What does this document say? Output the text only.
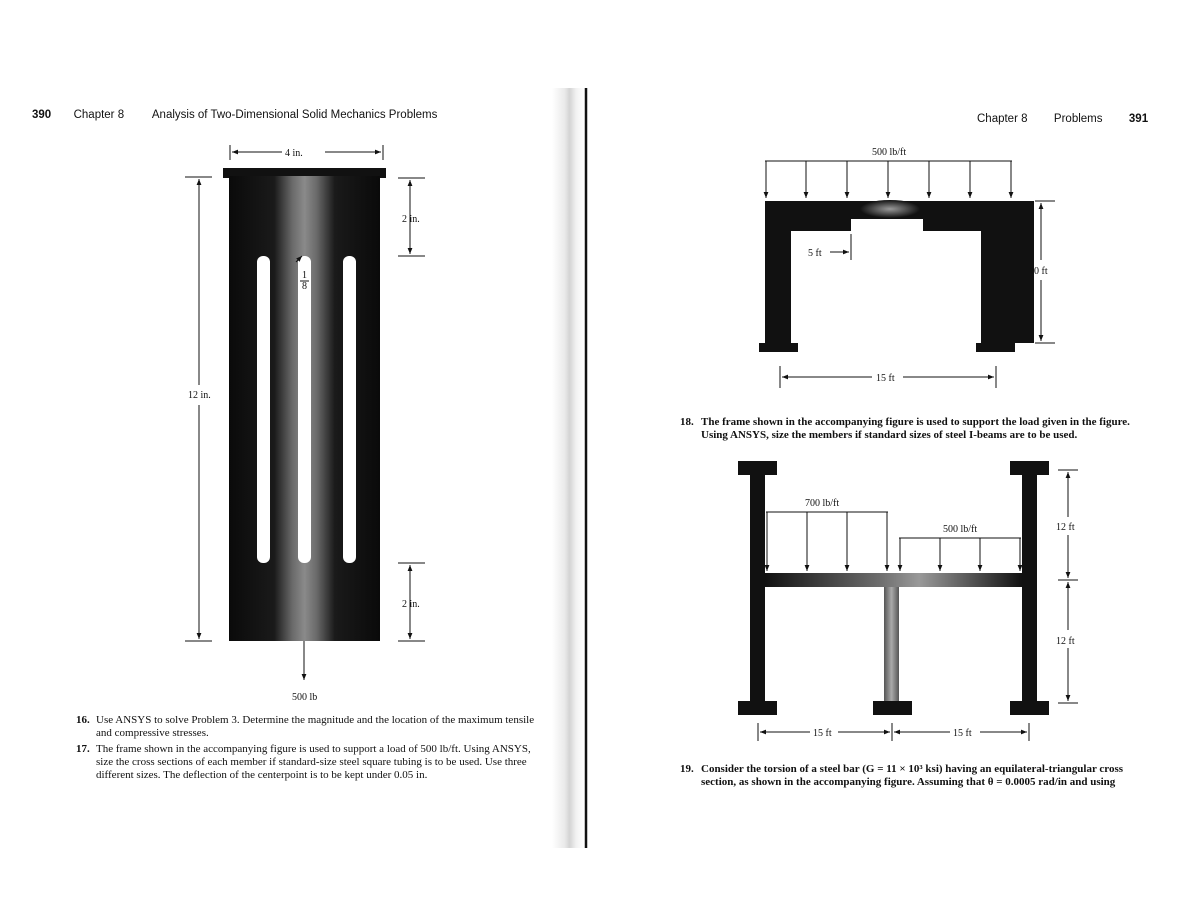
390 Chapter 8 Analysis of Two-Dimensional Solid Mechanics Problems
4 in.
2 in.
2 in.
12 in.
1
8
500 lb
16. Use ANSYS to solve Problem 3. Determine the magnitude and the location of the maximum tensile and compressive stresses.
17. The frame shown in the accompanying figure is used to support a load of 500 lb/ft. Using ANSYS, size the cross sections of each member if standard-size steel square tubing is to be used. Use three different sizes. The deflection of the centerpoint is to be kept under 0.05 in.
Chapter 8 Problems 391
500 lb/ft
5 ft
10 ft
15 ft
18. The frame shown in the accompanying figure is used to support the load given in the figure. Using ANSYS, size the members if standard sizes of steel I-beams are to be used.
700 lb/ft
500 lb/ft	12 ft
12 ft
15 ft	15 ft
19. Consider the torsion of a steel bar (G = 11 × 10³ ksi) having an equilateral-triangular cross
section, as shown in the accompanying figure. Assuming that θ = 0.0005 rad/in and using
